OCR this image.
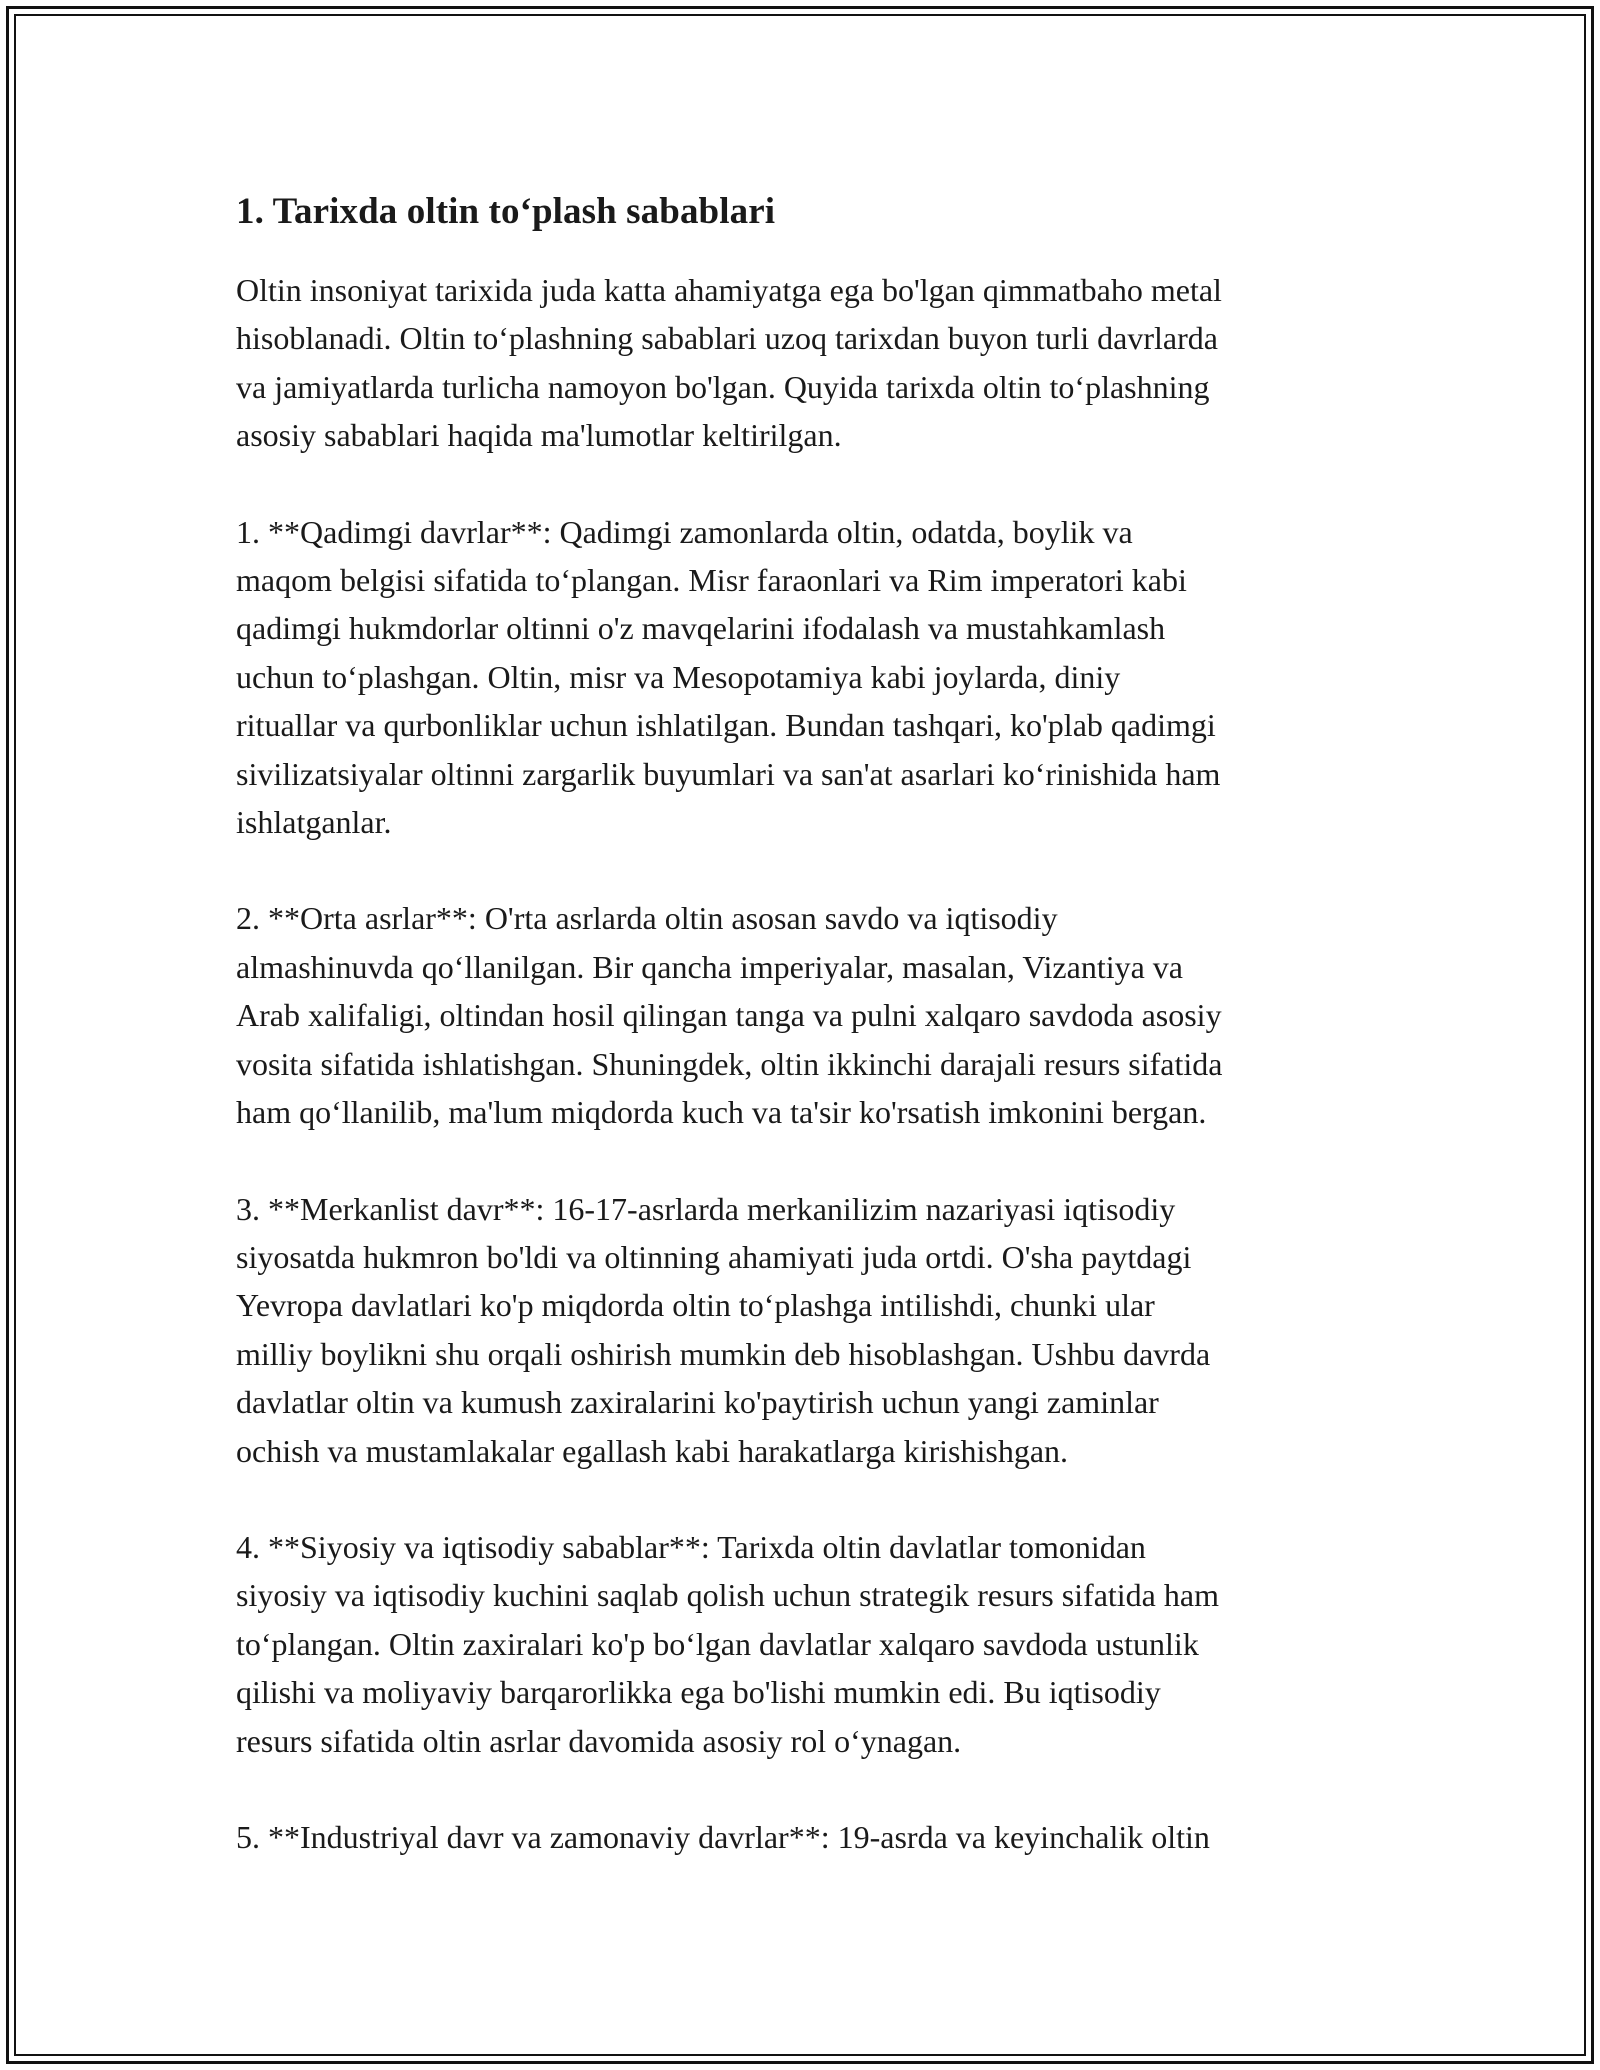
1. Tarixda oltin to‘plash sabablari

Oltin insoniyat tarixida juda katta ahamiyatga ega bo'lgan qimmatbaho metal
hisoblanadi. Oltin to‘plashning sabablari uzoq tarixdan buyon turli davrlarda
va jamiyatlarda turlicha namoyon bo'lgan. Quyida tarixda oltin to‘plashning
asosiy sabablari haqida ma'lumotlar keltirilgan.

1. **Qadimgi davrlar**: Qadimgi zamonlarda oltin, odatda, boylik va
maqom belgisi sifatida to‘plangan. Misr faraonlari va Rim imperatori kabi
qadimgi hukmdorlar oltinni o'z mavqelarini ifodalash va mustahkamlash
uchun to‘plashgan. Oltin, misr va Mesopotamiya kabi joylarda, diniy
rituallar va qurbonliklar uchun ishlatilgan. Bundan tashqari, ko'plab qadimgi
sivilizatsiyalar oltinni zargarlik buyumlari va san'at asarlari ko‘rinishida ham
ishlatganlar.

2. **Orta asrlar**: O'rta asrlarda oltin asosan savdo va iqtisodiy
almashinuvda qo‘llanilgan. Bir qancha imperiyalar, masalan, Vizantiya va
Arab xalifaligi, oltindan hosil qilingan tanga va pulni xalqaro savdoda asosiy
vosita sifatida ishlatishgan. Shuningdek, oltin ikkinchi darajali resurs sifatida
ham qo‘llanilib, ma'lum miqdorda kuch va ta'sir ko'rsatish imkonini bergan.

3. **Merkanlist davr**: 16-17-asrlarda merkanilizim nazariyasi iqtisodiy
siyosatda hukmron bo'ldi va oltinning ahamiyati juda ortdi. O'sha paytdagi
Yevropa davlatlari ko'p miqdorda oltin to‘plashga intilishdi, chunki ular
milliy boylikni shu orqali oshirish mumkin deb hisoblashgan. Ushbu davrda
davlatlar oltin va kumush zaxiralarini ko'paytirish uchun yangi zaminlar
ochish va mustamlakalar egallash kabi harakatlarga kirishishgan.

4. **Siyosiy va iqtisodiy sabablar**: Tarixda oltin davlatlar tomonidan
siyosiy va iqtisodiy kuchini saqlab qolish uchun strategik resurs sifatida ham
to‘plangan. Oltin zaxiralari ko'p bo‘lgan davlatlar xalqaro savdoda ustunlik
qilishi va moliyaviy barqarorlikka ega bo'lishi mumkin edi. Bu iqtisodiy
resurs sifatida oltin asrlar davomida asosiy rol o‘ynagan.

5. **Industriyal davr va zamonaviy davrlar**: 19-asrda va keyinchalik oltin
